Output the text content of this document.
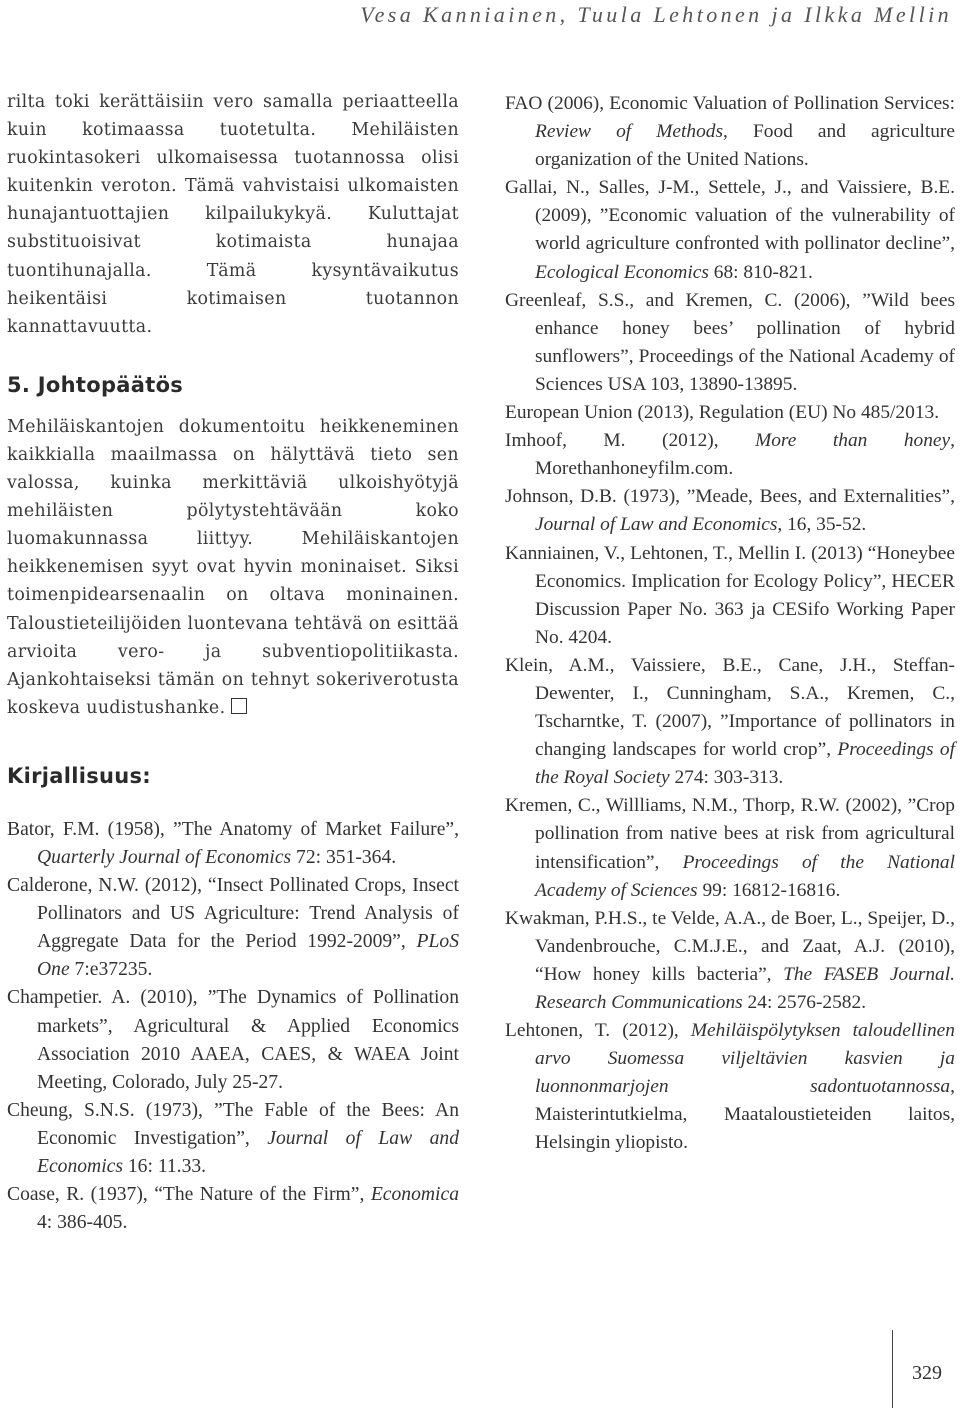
Vesa Kanniainen, Tuula Lehtonen ja Ilkka Mellin

rilta toki kerättäisiin vero samalla periaatteella kuin kotimaassa tuotetulta. Mehiläisten ruokintasokeri ulkomaisessa tuotannossa olisi kuitenkin veroton. Tämä vahvistaisi ulkomaisten hunajantuottajien kilpailukykyä. Kuluttajat substituoisivat kotimaista hunajaa tuontihunajalla. Tämä kysyntävaikutus heikentäisi kotimaisen tuotannon kannattavuutta.

5. Johtopäätös

Mehiläiskantojen dokumentoitu heikkeneminen kaikkialla maailmassa on hälyttävä tieto sen valossa, kuinka merkittäviä ulkoishyötyjä mehiläisten pölytystehtävään koko luomakunnassa liittyy. Mehiläiskantojen heikkenemisen syyt ovat hyvin moninaiset. Siksi toimenpidearsenaalin on oltava moninainen. Taloustieteilijöiden luontevana tehtävä on esittää arvioita vero- ja subventiopolitiikasta. Ajankohtaiseksi tämän on tehnyt sokeriverotusta koskeva uudistushanke.

Kirjallisuus:

Bator, F.M. (1958), ”The Anatomy of Market Failure”, Quarterly Journal of Economics 72: 351-364.

Calderone, N.W. (2012), “Insect Pollinated Crops, Insect Pollinators and US Agriculture: Trend Analysis of Aggregate Data for the Period 1992-2009”, PLoS One 7:e37235.

Champetier. A. (2010), ”The Dynamics of Pollination markets”, Agricultural & Applied Economics Association 2010 AAEA, CAES, & WAEA Joint Meeting, Colorado, July 25-27.

Cheung, S.N.S. (1973), ”The Fable of the Bees: An Economic Investigation”, Journal of Law and Economics 16: 11.33.

Coase, R. (1937), “The Nature of the Firm”, Economica 4: 386-405.

FAO (2006), Economic Valuation of Pollination Services: Review of Methods, Food and agriculture organization of the United Nations.

Gallai, N., Salles, J-M., Settele, J., and Vaissiere, B.E. (2009), ”Economic valuation of the vulnerability of world agriculture confronted with pollinator decline”, Ecological Economics 68: 810-821.

Greenleaf, S.S., and Kremen, C. (2006), ”Wild bees enhance honey bees’ pollination of hybrid sunflowers”, Proceedings of the National Academy of Sciences USA 103, 13890-13895.

European Union (2013), Regulation (EU) No 485/2013.

Imhoof, M. (2012), More than honey, Morethanhoneyfilm.com.

Johnson, D.B. (1973), ”Meade, Bees, and Externalities”, Journal of Law and Economics, 16, 35-52.

Kanniainen, V., Lehtonen, T., Mellin I. (2013) “Honeybee Economics. Implication for Ecology Policy”, HECER Discussion Paper No. 363 ja CESifo Working Paper No. 4204.

Klein, A.M., Vaissiere, B.E., Cane, J.H., Steffan-Dewenter, I., Cunningham, S.A., Kremen, C., Tscharntke, T. (2007), ”Importance of pollinators in changing landscapes for world crop”, Proceedings of the Royal Society 274: 303-313.

Kremen, C., Willliams, N.M., Thorp, R.W. (2002), ”Crop pollination from native bees at risk from agricultural intensification”, Proceedings of the National Academy of Sciences 99: 16812-16816.

Kwakman, P.H.S., te Velde, A.A., de Boer, L., Speijer, D., Vandenbrouche, C.M.J.E., and Zaat, A.J. (2010), “How honey kills bacteria”, The FASEB Journal. Research Communications 24: 2576-2582.

Lehtonen, T. (2012), Mehiläispölytyksen taloudellinen arvo Suomessa viljeltävien kasvien ja luonnonmarjojen sadontuotannossa, Maisterintutkielma, Maataloustieteiden laitos, Helsingin yliopisto.

329
